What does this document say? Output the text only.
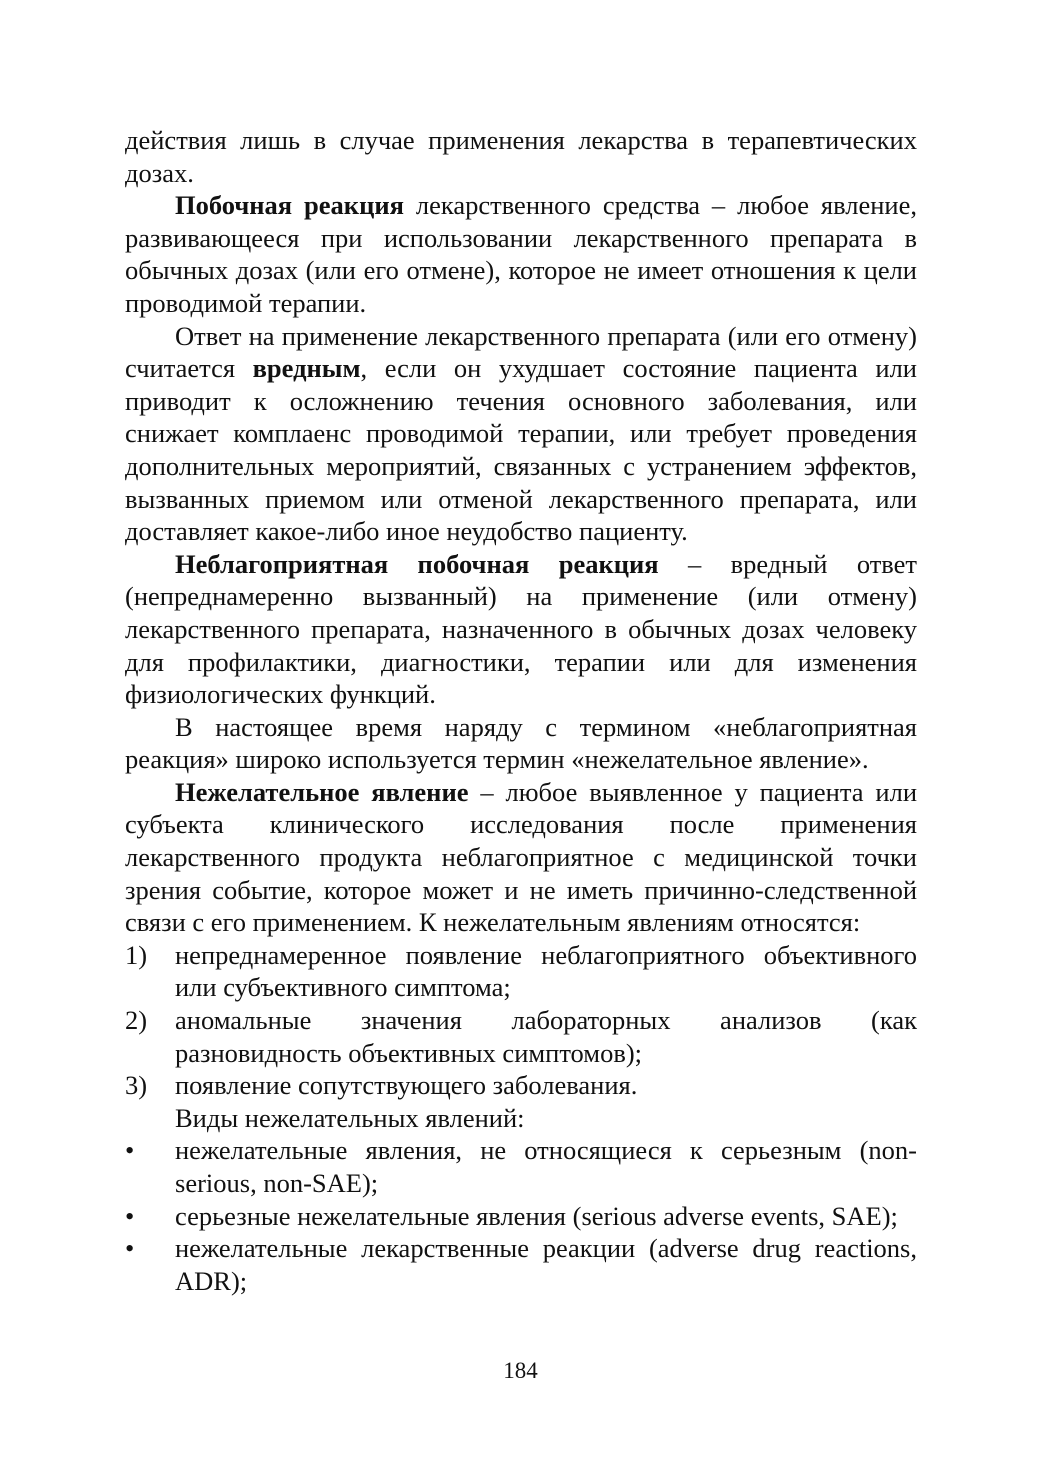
действия лишь в случае применения лекарства в терапевтических дозах.

Побочная реакция лекарственного средства – любое явление, развивающееся при использовании лекарственного препарата в обычных дозах (или его отмене), которое не имеет отношения к цели проводимой терапии.

Ответ на применение лекарственного препарата (или его отмену) считается вредным, если он ухудшает состояние пациента или приводит к осложнению течения основного заболевания, или снижает комплаенс проводимой терапии, или требует проведения дополнительных мероприятий, связанных с устранением эффектов, вызванных приемом или отменой лекарственного препарата, или доставляет какое-либо иное неудобство пациенту.

Неблагоприятная побочная реакция – вредный ответ (непреднамеренно вызванный) на применение (или отмену) лекарственного препарата, назначенного в обычных дозах человеку для профилактики, диагностики, терапии или для изменения физиологических функций.

В настоящее время наряду с термином «неблагоприятная реакция» широко используется термин «нежелательное явление».

Нежелательное явление – любое выявленное у пациента или субъекта клинического исследования после применения лекарственного продукта неблагоприятное с медицинской точки зрения событие, которое может и не иметь причинно-следственной связи с его применением. К нежелательным явлениям относятся:

1) непреднамеренное появление неблагоприятного объективного или субъективного симптома;
2) аномальные значения лабораторных анализов (как разновидность объективных симптомов);
3) появление сопутствующего заболевания.

Виды нежелательных явлений:

• нежелательные явления, не относящиеся к серьезным (non-serious, non-SAE);
• серьезные нежелательные явления (serious adverse events, SAE);
• нежелательные лекарственные реакции (adverse drug reactions, ADR);
184
